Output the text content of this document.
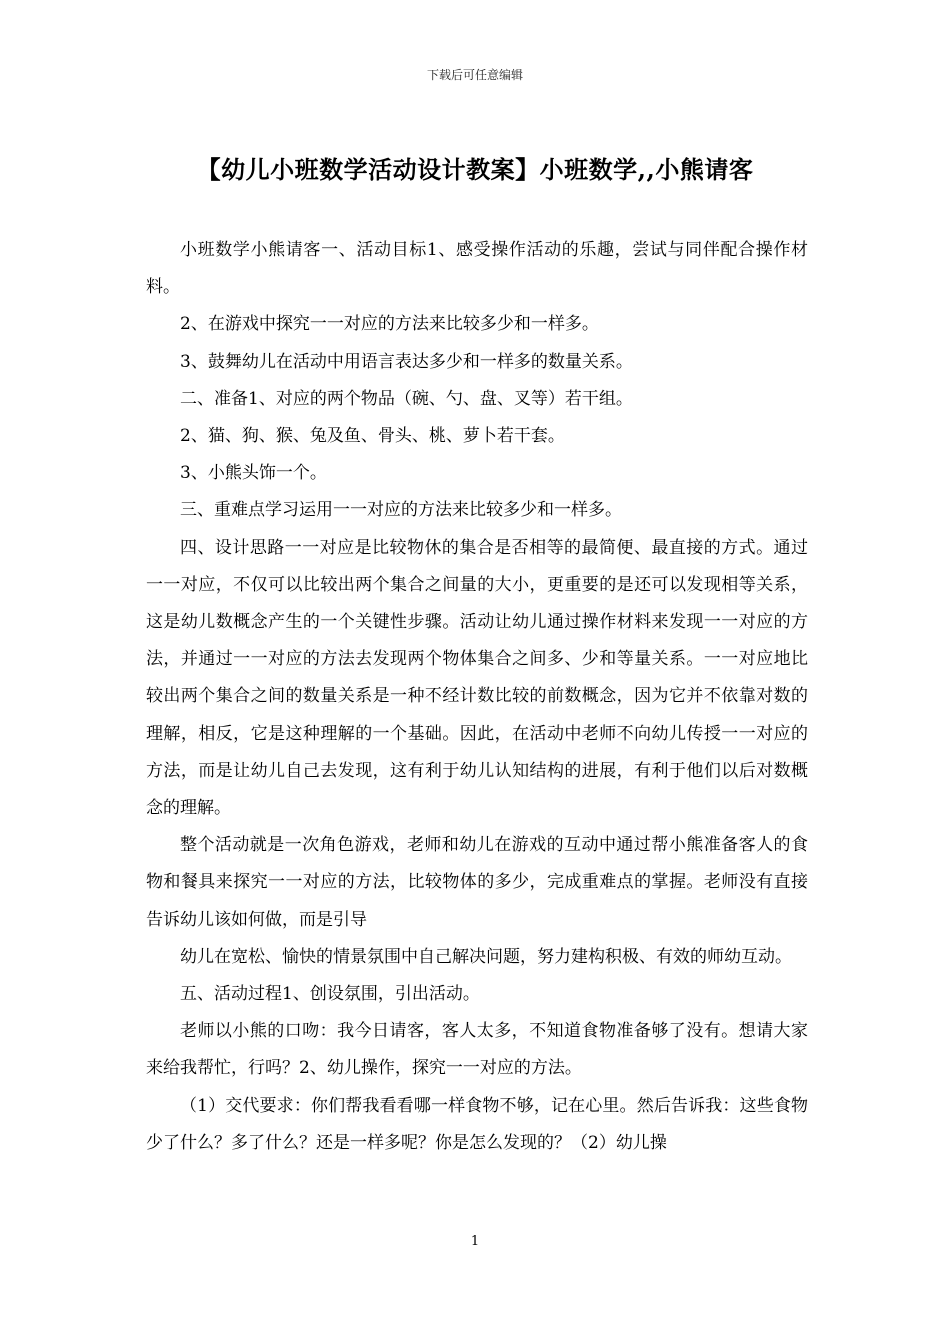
下载后可任意编辑
【幼儿小班数学活动设计教案】小班数学,,小熊请客

小班数学小熊请客一、活动目标1、感受操作活动的乐趣，尝试与同伴配合操作材料。

2、在游戏中探究一一对应的方法来比较多少和一样多。

3、鼓舞幼儿在活动中用语言表达多少和一样多的数量关系。

二、准备1、对应的两个物品（碗、勺、盘、叉等）若干组。

2、猫、狗、猴、兔及鱼、骨头、桃、萝卜若干套。

3、小熊头饰一个。

三、重难点学习运用一一对应的方法来比较多少和一样多。

四、设计思路一一对应是比较物休的集合是否相等的最简便、最直接的方式。通过一一对应，不仅可以比较出两个集合之间量的大小，更重要的是还可以发现相等关系，这是幼儿数概念产生的一个关键性步骤。活动让幼儿通过操作材料来发现一一对应的方法，并通过一一对应的方法去发现两个物体集合之间多、少和等量关系。一一对应地比较出两个集合之间的数量关系是一种不经计数比较的前数概念，因为它并不依靠对数的理解，相反，它是这种理解的一个基础。因此，在活动中老师不向幼儿传授一一对应的方法，而是让幼儿自己去发现，这有利于幼儿认知结构的进展，有利于他们以后对数概念的理解。

整个活动就是一次角色游戏，老师和幼儿在游戏的互动中通过帮小熊准备客人的食物和餐具来探究一一对应的方法，比较物体的多少，完成重难点的掌握。老师没有直接告诉幼儿该如何做，而是引导

幼儿在宽松、愉快的情景氛围中自己解决问题，努力建构积极、有效的师幼互动。

五、活动过程1、创设氛围，引出活动。

老师以小熊的口吻：我今日请客，客人太多，不知道食物准备够了没有。想请大家来给我帮忙，行吗？2、幼儿操作，探究一一对应的方法。

（1）交代要求：你们帮我看看哪一样食物不够，记在心里。然后告诉我：这些食物少了什么？多了什么？还是一样多呢？你是怎么发现的？（2）幼儿操

1
